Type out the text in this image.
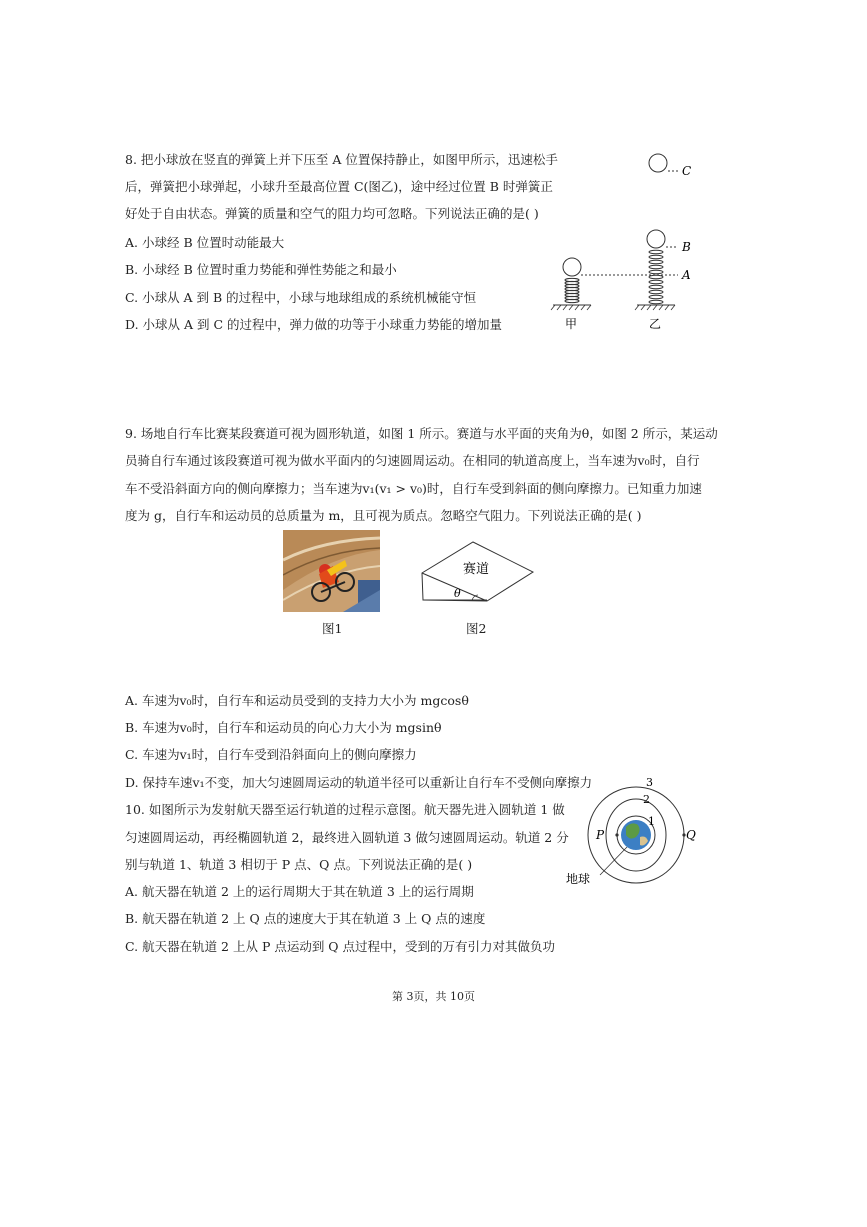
8. 把小球放在竖直的弹簧上并下压至 A 位置保持静止，如图甲所示，迅速松手
后，弹簧把小球弹起，小球升至最高位置 C(图乙)，途中经过位置 B 时弹簧正
好处于自由状态。弹簧的质量和空气的阻力均可忽略。下列说法正确的是( )
A. 小球经 B 位置时动能最大
B. 小球经 B 位置时重力势能和弹性势能之和最小
C. 小球从 A 到 B 的过程中，小球与地球组成的系统机械能守恒
D. 小球从 A 到 C 的过程中，弹力做的功等于小球重力势能的增加量
C
A
B
甲	乙
9. 场地自行车比赛某段赛道可视为圆形轨道，如图 1 所示。赛道与水平面的夹角为θ，如图 2 所示，某运动
员骑自行车通过该段赛道可视为做水平面内的匀速圆周运动。在相同的轨道高度上，当车速为v₀时，自行
车不受沿斜面方向的侧向摩擦力；当车速为v₁(v₁ > v₀)时，自行车受到斜面的侧向摩擦力。已知重力加速
度为 g，自行车和运动员的总质量为 m，且可视为质点。忽略空气阻力。下列说法正确的是( )
图1
赛道
θ
图2
A. 车速为v₀时，自行车和运动员受到的支持力大小为 mgcosθ
B. 车速为v₀时，自行车和运动员的向心力大小为 mgsinθ
C. 车速为v₁时，自行车受到沿斜面向上的侧向摩擦力
D. 保持车速v₁不变，加大匀速圆周运动的轨道半径可以重新让自行车不受侧向摩擦力
10. 如图所示为发射航天器至运行轨道的过程示意图。航天器先进入圆轨道 1 做
匀速圆周运动，再经椭圆轨道 2，最终进入圆轨道 3 做匀速圆周运动。轨道 2 分
别与轨道 1、轨道 3 相切于 P 点、Q 点。下列说法正确的是( )
A. 航天器在轨道 2 上的运行周期大于其在轨道 3 上的运行周期
B. 航天器在轨道 2 上 Q 点的速度大于其在轨道 3 上 Q 点的速度
C. 航天器在轨道 2 上从 P 点运动到 Q 点过程中，受到的万有引力对其做负功
3
2
1
P	Q
地球
第 3页，共 10页
